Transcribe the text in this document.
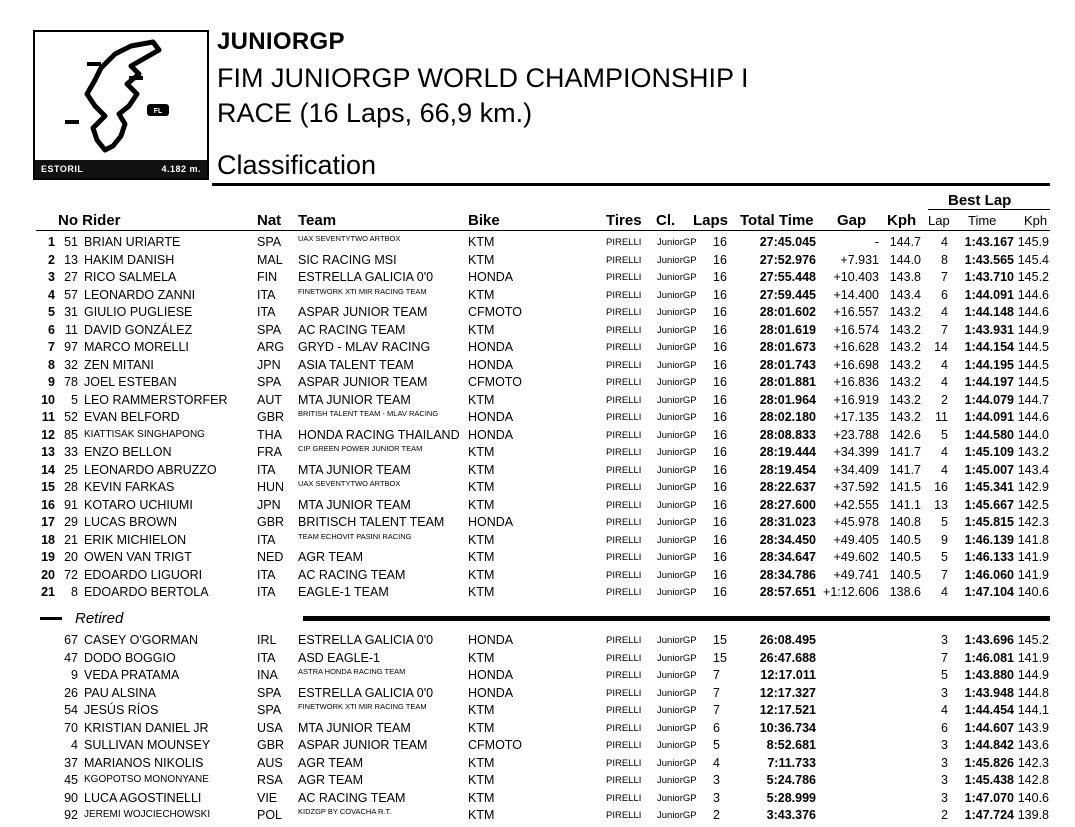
FL
ESTORIL	4.182 m.
JUNIORGP
FIM JUNIORGP WORLD CHAMPIONSHIP I
RACE (16 Laps, 66,9 km.)
Classification
Best Lap
No Rider	Nat Team	Bike	Tires Cl. Laps Total Time Gap Kph Lap Time Kph
1 51 BRIAN URIARTE	SPA UAX SEVENTYTWO ARTBOX	KTM	PIRELLI JuniorGP 16	27:45.045	- 144.7	4	1:43.167 145.9
2 13 HAKIM DANISH	MAL SIC RACING MSI	KTM	PIRELLI JuniorGP 16	27:52.976	+7.931 144.0	8	1:43.565 145.4
3 27 RICO SALMELA	FIN ESTRELLA GALICIA 0'0	HONDA	PIRELLI JuniorGP 16	27:55.448	+10.403 143.8	7	1:43.710 145.2
4 57 LEONARDO ZANNI	ITA	FINETWORK XTI MIR RACING TEAM	KTM	PIRELLI JuniorGP 16	27:59.445	+14.400 143.4	6	1:44.091 144.6
5 31 GIULIO PUGLIESE	ITA ASPAR JUNIOR TEAM	CFMOTO	PIRELLI JuniorGP 16	28:01.602	+16.557 143.2	4	1:44.148 144.6
6 11 DAVID GONZÁLEZ	SPA AC RACING TEAM	KTM	PIRELLI JuniorGP 16	28:01.619	+16.574 143.2	7	1:43.931 144.9
7 97 MARCO MORELLI	ARG GRYD - MLAV RACING	HONDA	PIRELLI JuniorGP 16	28:01.673	+16.628 143.2	14	1:44.154 144.5
8 32 ZEN MITANI	JPN ASIA TALENT TEAM	HONDA	PIRELLI JuniorGP 16	28:01.743	+16.698 143.2	4	1:44.195 144.5
9 78 JOEL ESTEBAN	SPA ASPAR JUNIOR TEAM	CFMOTO	PIRELLI JuniorGP 16	28:01.881	+16.836 143.2	4	1:44.197 144.5
10	5 LEO RAMMERSTORFER AUT MTA JUNIOR TEAM	KTM	PIRELLI JuniorGP 16	28:01.964	+16.919 143.2	2	1:44.079 144.7
11 52 EVAN BELFORD	GBR BRITISH TALENT TEAM - MLAV RACING HONDA	PIRELLI JuniorGP 16	28:02.180	+17.135 143.2	11	1:44.091 144.6
12 85 KIATTISAK SINGHAPONG	THA HONDA RACING THAILAND HONDA	PIRELLI JuniorGP 16	28:08.833	+23.788 142.6	5	1:44.580 144.0
13 33 ENZO BELLON	FRA CIP GREEN POWER JUNIOR TEAM	KTM	PIRELLI JuniorGP 16	28:19.444	+34.399 141.7	4	1:45.109 143.2
14 25 LEONARDO ABRUZZO	ITA MTA JUNIOR TEAM	KTM	PIRELLI JuniorGP 16	28:19.454	+34.409 141.7	4	1:45.007 143.4
15 28 KEVIN FARKAS	HUN UAX SEVENTYTWO ARTBOX	KTM	PIRELLI JuniorGP 16	28:22.637	+37.592 141.5	16	1:45.341 142.9
16 91 KOTARO UCHIUMI	JPN MTA JUNIOR TEAM	KTM	PIRELLI JuniorGP 16	28:27.600	+42.555 141.1	13	1:45.667 142.5
17 29 LUCAS BROWN	GBR BRITISCH TALENT TEAM HONDA	PIRELLI JuniorGP 16	28:31.023	+45.978 140.8	5	1:45.815 142.3
18 21 ERIK MICHIELON	ITA	TEAM ECHOVIT PASINI RACING	KTM	PIRELLI JuniorGP 16	28:34.450	+49.405 140.5	9	1:46.139 141.8
19 20 OWEN VAN TRIGT	NED AGR TEAM	KTM	PIRELLI JuniorGP 16	28:34.647	+49.602 140.5	5	1:46.133 141.9
20 72 EDOARDO LIGUORI	ITA AC RACING TEAM	KTM	PIRELLI JuniorGP 16	28:34.786	+49.741 140.5	7	1:46.060 141.9
21	8 EDOARDO BERTOLA	ITA EAGLE-1 TEAM	KTM	PIRELLI JuniorGP 16	28:57.651 +1:12.606 138.6	4	1:47.104 140.6
Retired
67 CASEY O'GORMAN	IRL ESTRELLA GALICIA 0'0	HONDA	PIRELLI JuniorGP 15	26:08.495	3	1:43.696 145.2
47 DODO BOGGIO	ITA ASD EAGLE-1	KTM	PIRELLI JuniorGP 15	26:47.688	7	1:46.081 141.9
9 VEDA PRATAMA	INA	ASTRA HONDA RACING TEAM	HONDA	PIRELLI JuniorGP 7	12:17.011	5	1:43.880 144.9
26 PAU ALSINA	SPA ESTRELLA GALICIA 0'0	HONDA	PIRELLI JuniorGP 7	12:17.327	3	1:43.948 144.8
54 JESÚS RÍOS	SPA FINETWORK XTI MIR RACING TEAM	KTM	PIRELLI JuniorGP 7	12:17.521	4	1:44.454 144.1
70 KRISTIAN DANIEL JR	USA MTA JUNIOR TEAM	KTM	PIRELLI JuniorGP 6	10:36.734	6	1:44.607 143.9
4 SULLIVAN MOUNSEY	GBR ASPAR JUNIOR TEAM	CFMOTO	PIRELLI JuniorGP 5	8:52.681	3	1:44.842 143.6
37 MARIANOS NIKOLIS	AUS AGR TEAM	KTM	PIRELLI JuniorGP 4	7:11.733	3	1:45.826 142.3
45 KGOPOTSO MONONYANE	RSA AGR TEAM	KTM	PIRELLI JuniorGP 3	5:24.786	3	1:45.438 142.8
90 LUCA AGOSTINELLI	VIE AC RACING TEAM	KTM	PIRELLI JuniorGP 3	5:28.999	3	1:47.070 140.6
92 JEREMI WOJCIECHOWSKI	POL KIDZGP BY COVACHA R.T.	KTM	PIRELLI JuniorGP 2	3:43.376	2	1:47.724 139.8
